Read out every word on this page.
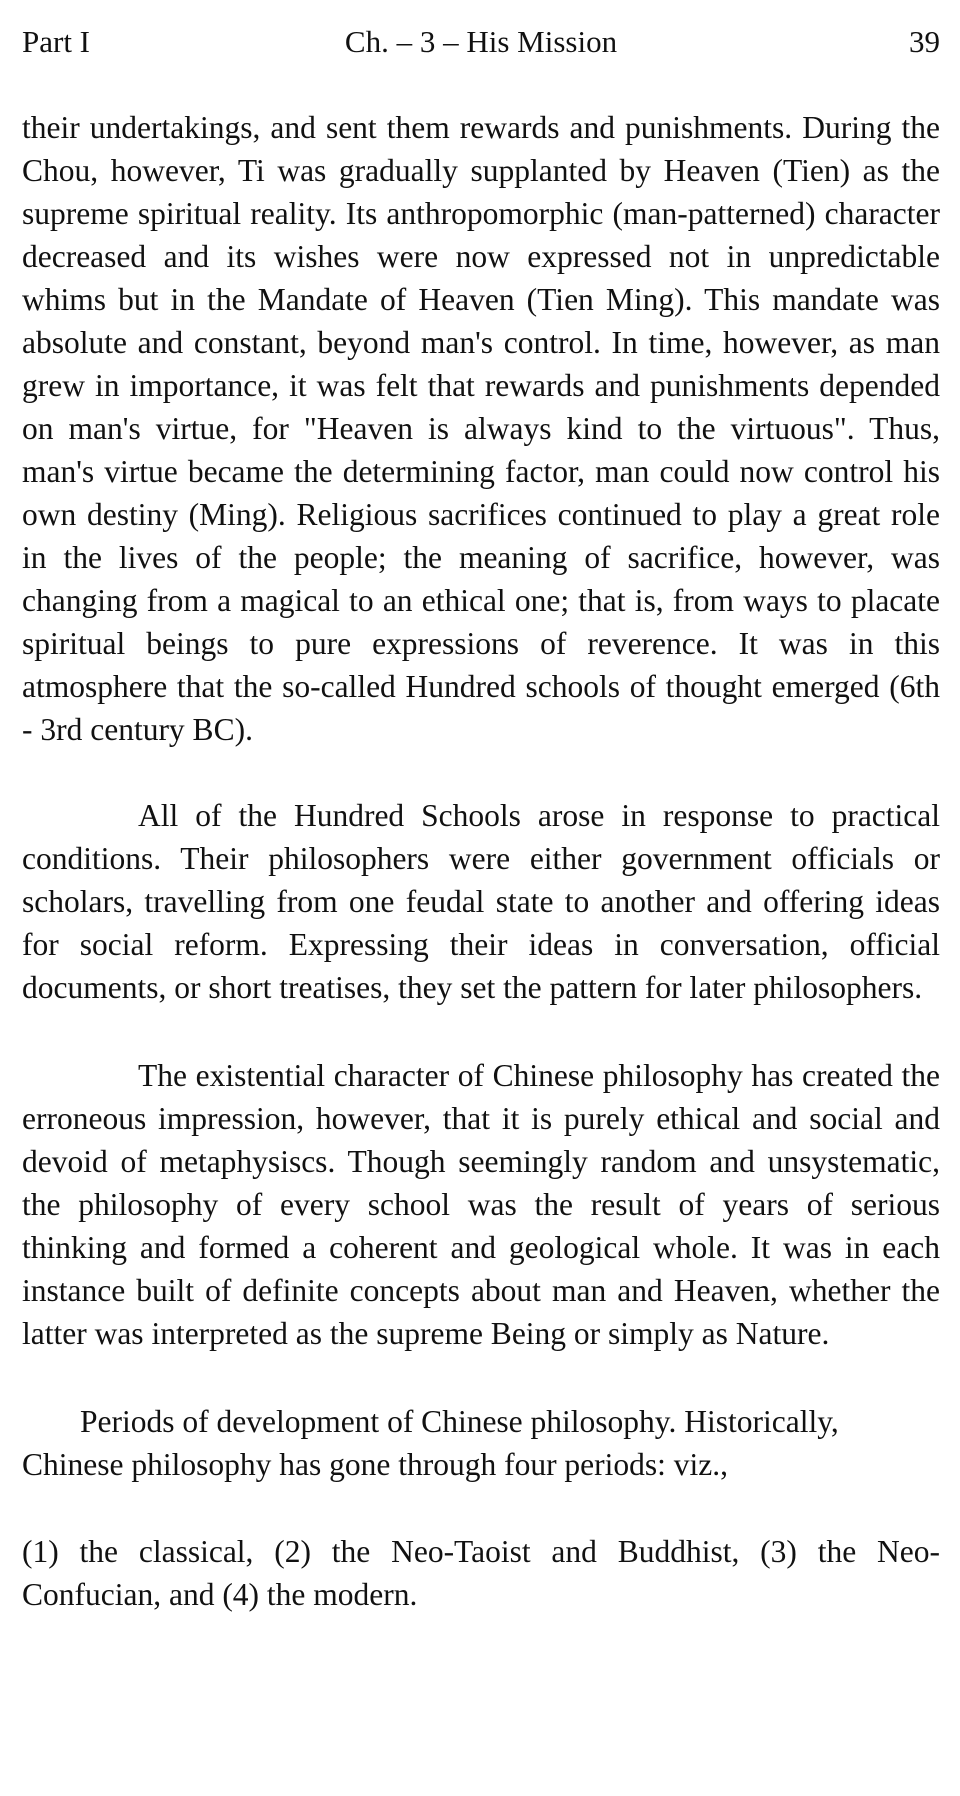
Part I	Ch. – 3 – His Mission	39

their undertakings, and sent them rewards and punishments. During the Chou, however, Ti was gradually supplanted by Heaven (Tien) as the supreme spiritual reality. Its anthropomorphic (man-patterned) character decreased and its wishes were now expressed not in unpredictable whims but in the Mandate of Heaven (Tien Ming). This mandate was absolute and constant, beyond man's control. In time, however, as man grew in importance, it was felt that rewards and punishments depended on man's virtue, for "Heaven is always kind to the virtuous". Thus, man's virtue became the determining factor, man could now control his own destiny (Ming). Religious sacrifices continued to play a great role in the lives of the people; the meaning of sacrifice, however, was changing from a magical to an ethical one; that is, from ways to placate spiritual beings to pure expressions of reverence. It was in this atmosphere that the so-called Hundred schools of thought emerged (6th - 3rd century BC).

All of the Hundred Schools arose in response to practical conditions. Their philosophers were either government officials or scholars, travelling from one feudal state to another and offering ideas for social reform. Expressing their ideas in conversation, official documents, or short treatises, they set the pattern for later philosophers.

The existential character of Chinese philosophy has created the erroneous impression, however, that it is purely ethical and social and devoid of metaphysiscs. Though seemingly random and unsystematic, the philosophy of every school was the result of years of serious thinking and formed a coherent and geological whole. It was in each instance built of definite concepts about man and Heaven, whether the latter was interpreted as the supreme Being or simply as Nature.

Periods of development of Chinese philosophy. Historically, Chinese philosophy has gone through four periods: viz.,

(1) the classical, (2) the Neo-Taoist and Buddhist, (3) the Neo-Confucian, and (4) the modern.
